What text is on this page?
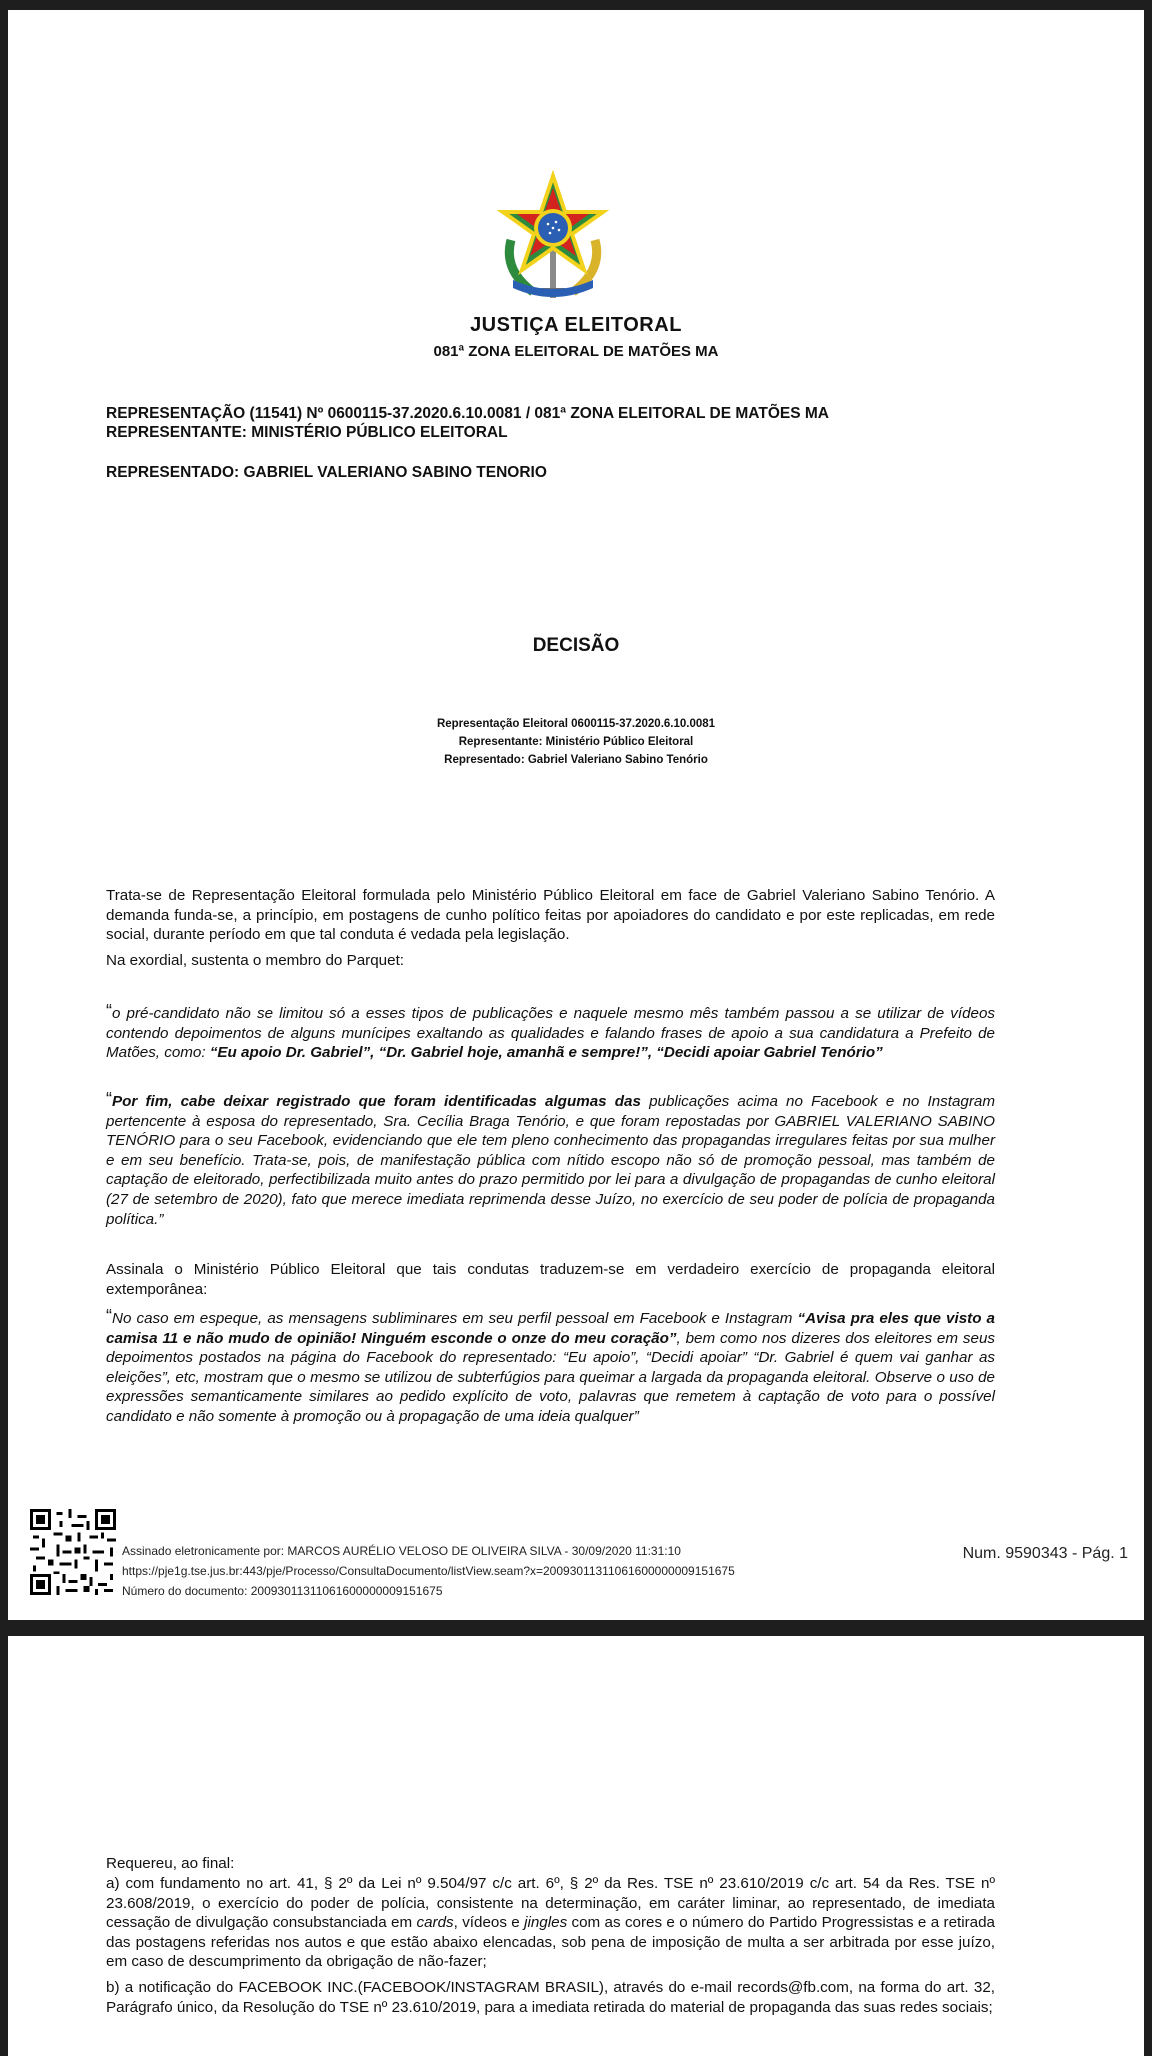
JUSTIÇA ELEITORAL
081ª ZONA ELEITORAL DE MATÕES MA
REPRESENTAÇÃO (11541) Nº 0600115-37.2020.6.10.0081 / 081ª ZONA ELEITORAL DE MATÕES MA
REPRESENTANTE: MINISTÉRIO PÚBLICO ELEITORAL
REPRESENTADO: GABRIEL VALERIANO SABINO TENORIO
DECISÃO
Representação Eleitoral 0600115-37.2020.6.10.0081
Representante: Ministério Público Eleitoral
Representado: Gabriel Valeriano Sabino Tenório

Trata-se de Representação Eleitoral formulada pelo Ministério Público Eleitoral em face de Gabriel Valeriano Sabino Tenório. A demanda funda-se, a princípio, em postagens de cunho político feitas por apoiadores do candidato e por este replicadas, em rede social, durante período em que tal conduta é vedada pela legislação.

Na exordial, sustenta o membro do Parquet:

“o pré-candidato não se limitou só a esses tipos de publicações e naquele mesmo mês também passou a se utilizar de vídeos contendo depoimentos de alguns munícipes exaltando as qualidades e falando frases de apoio a sua candidatura a Prefeito de Matões, como: “Eu apoio Dr. Gabriel”, “Dr. Gabriel hoje, amanhã e sempre!”, “Decidi apoiar Gabriel Tenório”

“Por fim, cabe deixar registrado que foram identificadas algumas das publicações acima no Facebook e no Instagram pertencente à esposa do representado, Sra. Cecília Braga Tenório, e que foram repostadas por GABRIEL VALERIANO SABINO TENÓRIO para o seu Facebook, evidenciando que ele tem pleno conhecimento das propagandas irregulares feitas por sua mulher e em seu benefício. Trata-se, pois, de manifestação pública com nítido escopo não só de promoção pessoal, mas também de captação de eleitorado, perfectibilizada muito antes do prazo permitido por lei para a divulgação de propagandas de cunho eleitoral (27 de setembro de 2020), fato que merece imediata reprimenda desse Juízo, no exercício de seu poder de polícia de propaganda política.”

Assinala o Ministério Público Eleitoral que tais condutas traduzem-se em verdadeiro exercício de propaganda eleitoral extemporânea:

“No caso em espeque, as mensagens subliminares em seu perfil pessoal em Facebook e Instagram “Avisa pra eles que visto a camisa 11 e não mudo de opinião! Ninguém esconde o onze do meu coração”, bem como nos dizeres dos eleitores em seus depoimentos postados na página do Facebook do representado: “Eu apoio”, “Decidi apoiar” “Dr. Gabriel é quem vai ganhar as eleições”, etc, mostram que o mesmo se utilizou de subterfúgios para queimar a largada da propaganda eleitoral. Observe o uso de expressões semanticamente similares ao pedido explícito de voto, palavras que remetem à captação de voto para o possível candidato e não somente à promoção ou à propagação de uma ideia qualquer”

Assinado eletronicamente por: MARCOS AURÉLIO VELOSO DE OLIVEIRA SILVA - 30/09/2020 11:31:10
https://pje1g.tse.jus.br:443/pje/Processo/ConsultaDocumento/listView.seam?x=20093011311061600000009151675
Número do documento: 20093011311061600000009151675
Num. 9590343 - Pág. 1

Requereu, ao final:

a) com fundamento no art. 41, § 2º da Lei nº 9.504/97 c/c art. 6º, § 2º da Res. TSE nº 23.610/2019 c/c art. 54 da Res. TSE nº 23.608/2019, o exercício do poder de polícia, consistente na determinação, em caráter liminar, ao representado, de imediata cessação de divulgação consubstanciada em cards, vídeos e jingles com as cores e o número do Partido Progressistas e a retirada das postagens referidas nos autos e que estão abaixo elencadas, sob pena de imposição de multa a ser arbitrada por esse juízo, em caso de descumprimento da obrigação de não-fazer;

b) a notificação do FACEBOOK INC.(FACEBOOK/INSTAGRAM BRASIL), através do e-mail records@fb.com, na forma do art. 32, Parágrafo único, da Resolução do TSE nº 23.610/2019, para a imediata retirada do material de propaganda das suas redes sociais;
